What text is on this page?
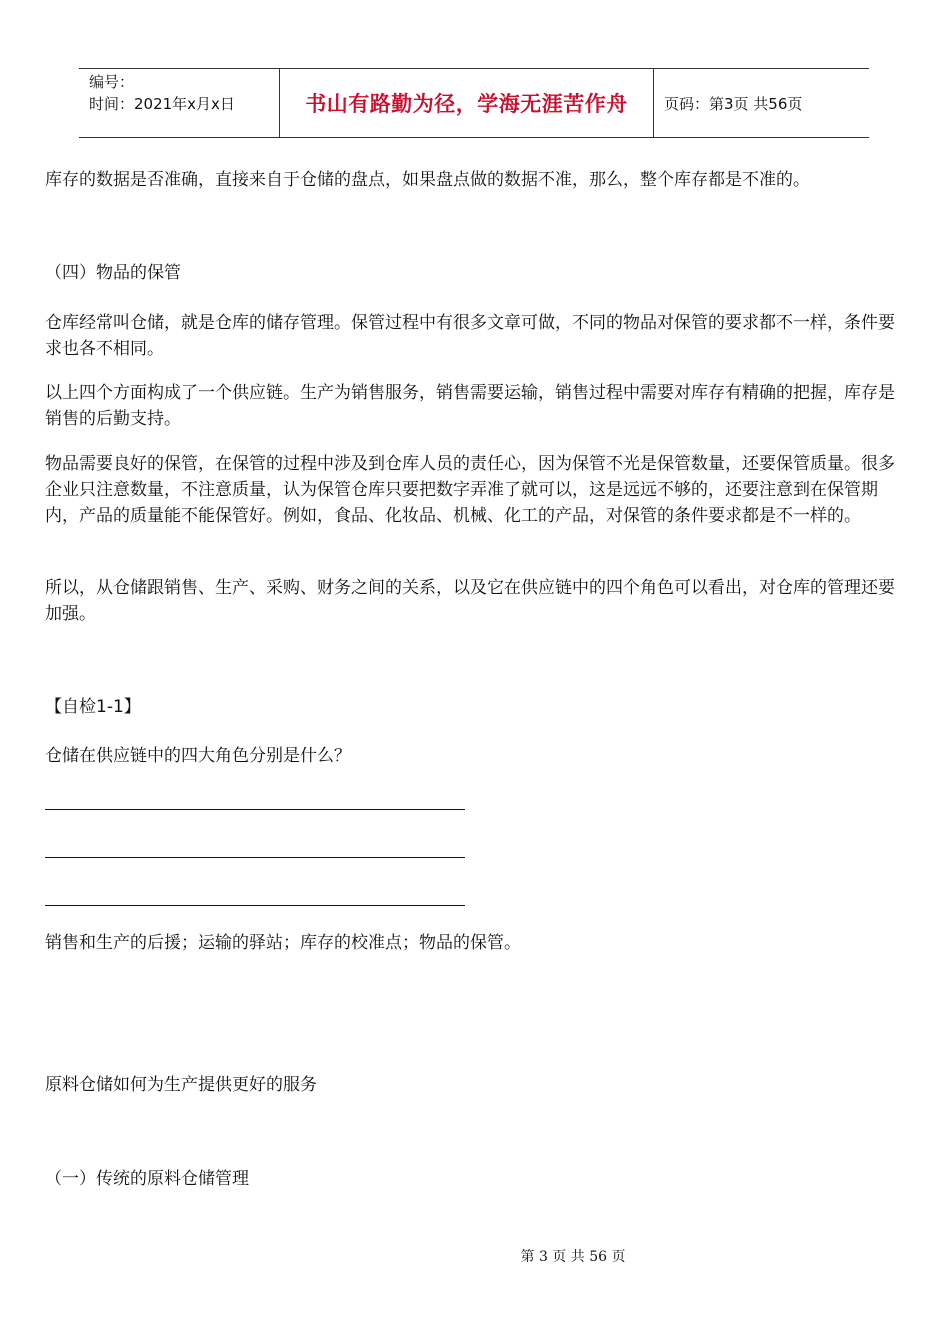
编号：
时间：2021年x月x日	书山有路勤为径，学海无涯苦作舟 页码：第3页 共56页

库存的数据是否准确，直接来自于仓储的盘点，如果盘点做的数据不准，那么，整个库存都是不准的。

（四）物品的保管

仓库经常叫仓储，就是仓库的储存管理。保管过程中有很多文章可做，不同的物品对保管的要求都不一样，条件要求也各不相同。

以上四个方面构成了一个供应链。生产为销售服务，销售需要运输，销售过程中需要对库存有精确的把握，库存是销售的后勤支持。

物品需要良好的保管，在保管的过程中涉及到仓库人员的责任心，因为保管不光是保管数量，还要保管质量。很多企业只注意数量，不注意质量，认为保管仓库只要把数字弄准了就可以，这是远远不够的，还要注意到在保管期内，产品的质量能不能保管好。例如，食品、化妆品、机械、化工的产品，对保管的条件要求都是不一样的。

所以，从仓储跟销售、生产、采购、财务之间的关系，以及它在供应链中的四个角色可以看出，对仓库的管理还要加强。

【自检1-1】

仓储在供应链中的四大角色分别是什么？

销售和生产的后援；运输的驿站；库存的校准点；物品的保管。

原料仓储如何为生产提供更好的服务

（一）传统的原料仓储管理

第 3 页 共 56 页
